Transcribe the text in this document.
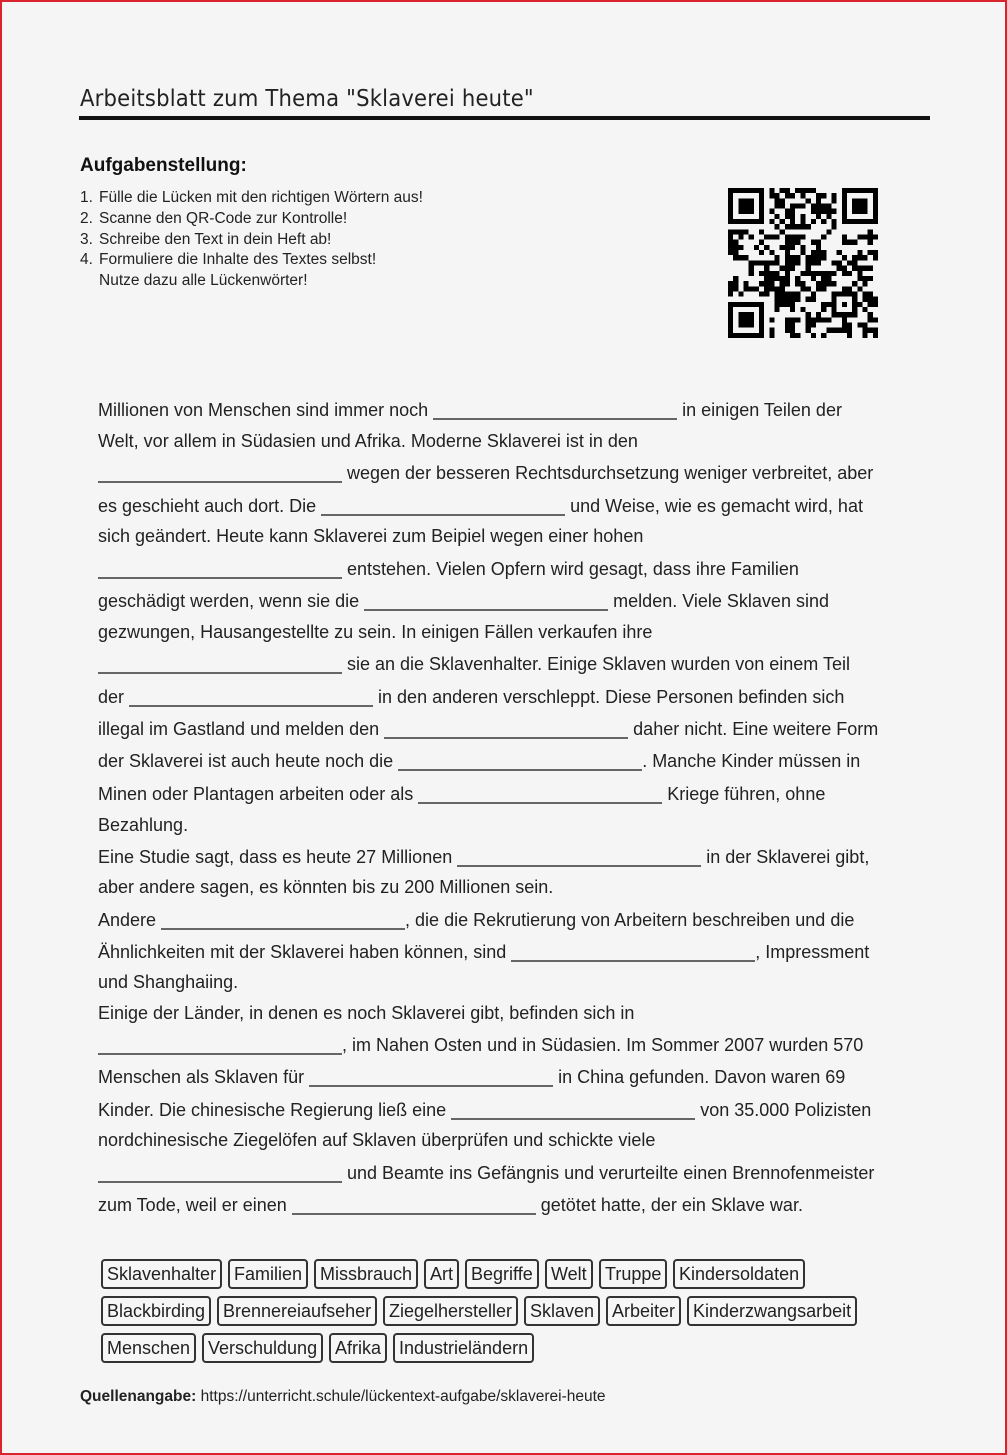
Arbeitsblatt zum Thema "Sklaverei heute"
Aufgabenstellung:
1. Fülle die Lücken mit den richtigen Wörtern aus!
2. Scanne den QR-Code zur Kontrolle!
3. Schreibe den Text in dein Heft ab!
4. Formuliere die Inhalte des Textes selbst!
Nutze dazu alle Lückenwörter!
Millionen von Menschen sind immer noch	in einigen Teilen der
Welt, vor allem in Südasien und Afrika. Moderne Sklaverei ist in den
wegen der besseren Rechtsdurchsetzung weniger verbreitet, aber
es geschieht auch dort. Die	und Weise, wie es gemacht wird, hat
sich geändert. Heute kann Sklaverei zum Beipiel wegen einer hohen
entstehen. Vielen Opfern wird gesagt, dass ihre Familien
geschädigt werden, wenn sie die	melden. Viele Sklaven sind
gezwungen, Hausangestellte zu sein. In einigen Fällen verkaufen ihre
sie an die Sklavenhalter. Einige Sklaven wurden von einem Teil
der	in den anderen verschleppt. Diese Personen befinden sich
illegal im Gastland und melden den	daher nicht. Eine weitere Form
der Sklaverei ist auch heute noch die	. Manche Kinder müssen in
Minen oder Plantagen arbeiten oder als	Kriege führen, ohne
Bezahlung.
Eine Studie sagt, dass es heute 27 Millionen	in der Sklaverei gibt,
aber andere sagen, es könnten bis zu 200 Millionen sein.
Andere	, die die Rekrutierung von Arbeitern beschreiben und die
Ähnlichkeiten mit der Sklaverei haben können, sind	, Impressment
und Shanghaiing.
Einige der Länder, in denen es noch Sklaverei gibt, befinden sich in
, im Nahen Osten und in Südasien. Im Sommer 2007 wurden 570
Menschen als Sklaven für	in China gefunden. Davon waren 69
Kinder. Die chinesische Regierung ließ eine	von 35.000 Polizisten
nordchinesische Ziegelöfen auf Sklaven überprüfen und schickte viele
und Beamte ins Gefängnis und verurteilte einen Brennofenmeister
zum Tode, weil er einen	getötet hatte, der ein Sklave war.
Sklavenhalter Familien Missbrauch Art Begriffe	Welt	Truppe Kindersoldaten
Blackbirding Brennereiaufseher Ziegelhersteller Sklaven Arbeiter Kinderzwangsarbeit
Menschen Verschuldung Afrika Industrieländern
Quellenangabe: https://unterricht.schule/lückentext-aufgabe/sklaverei-heute
